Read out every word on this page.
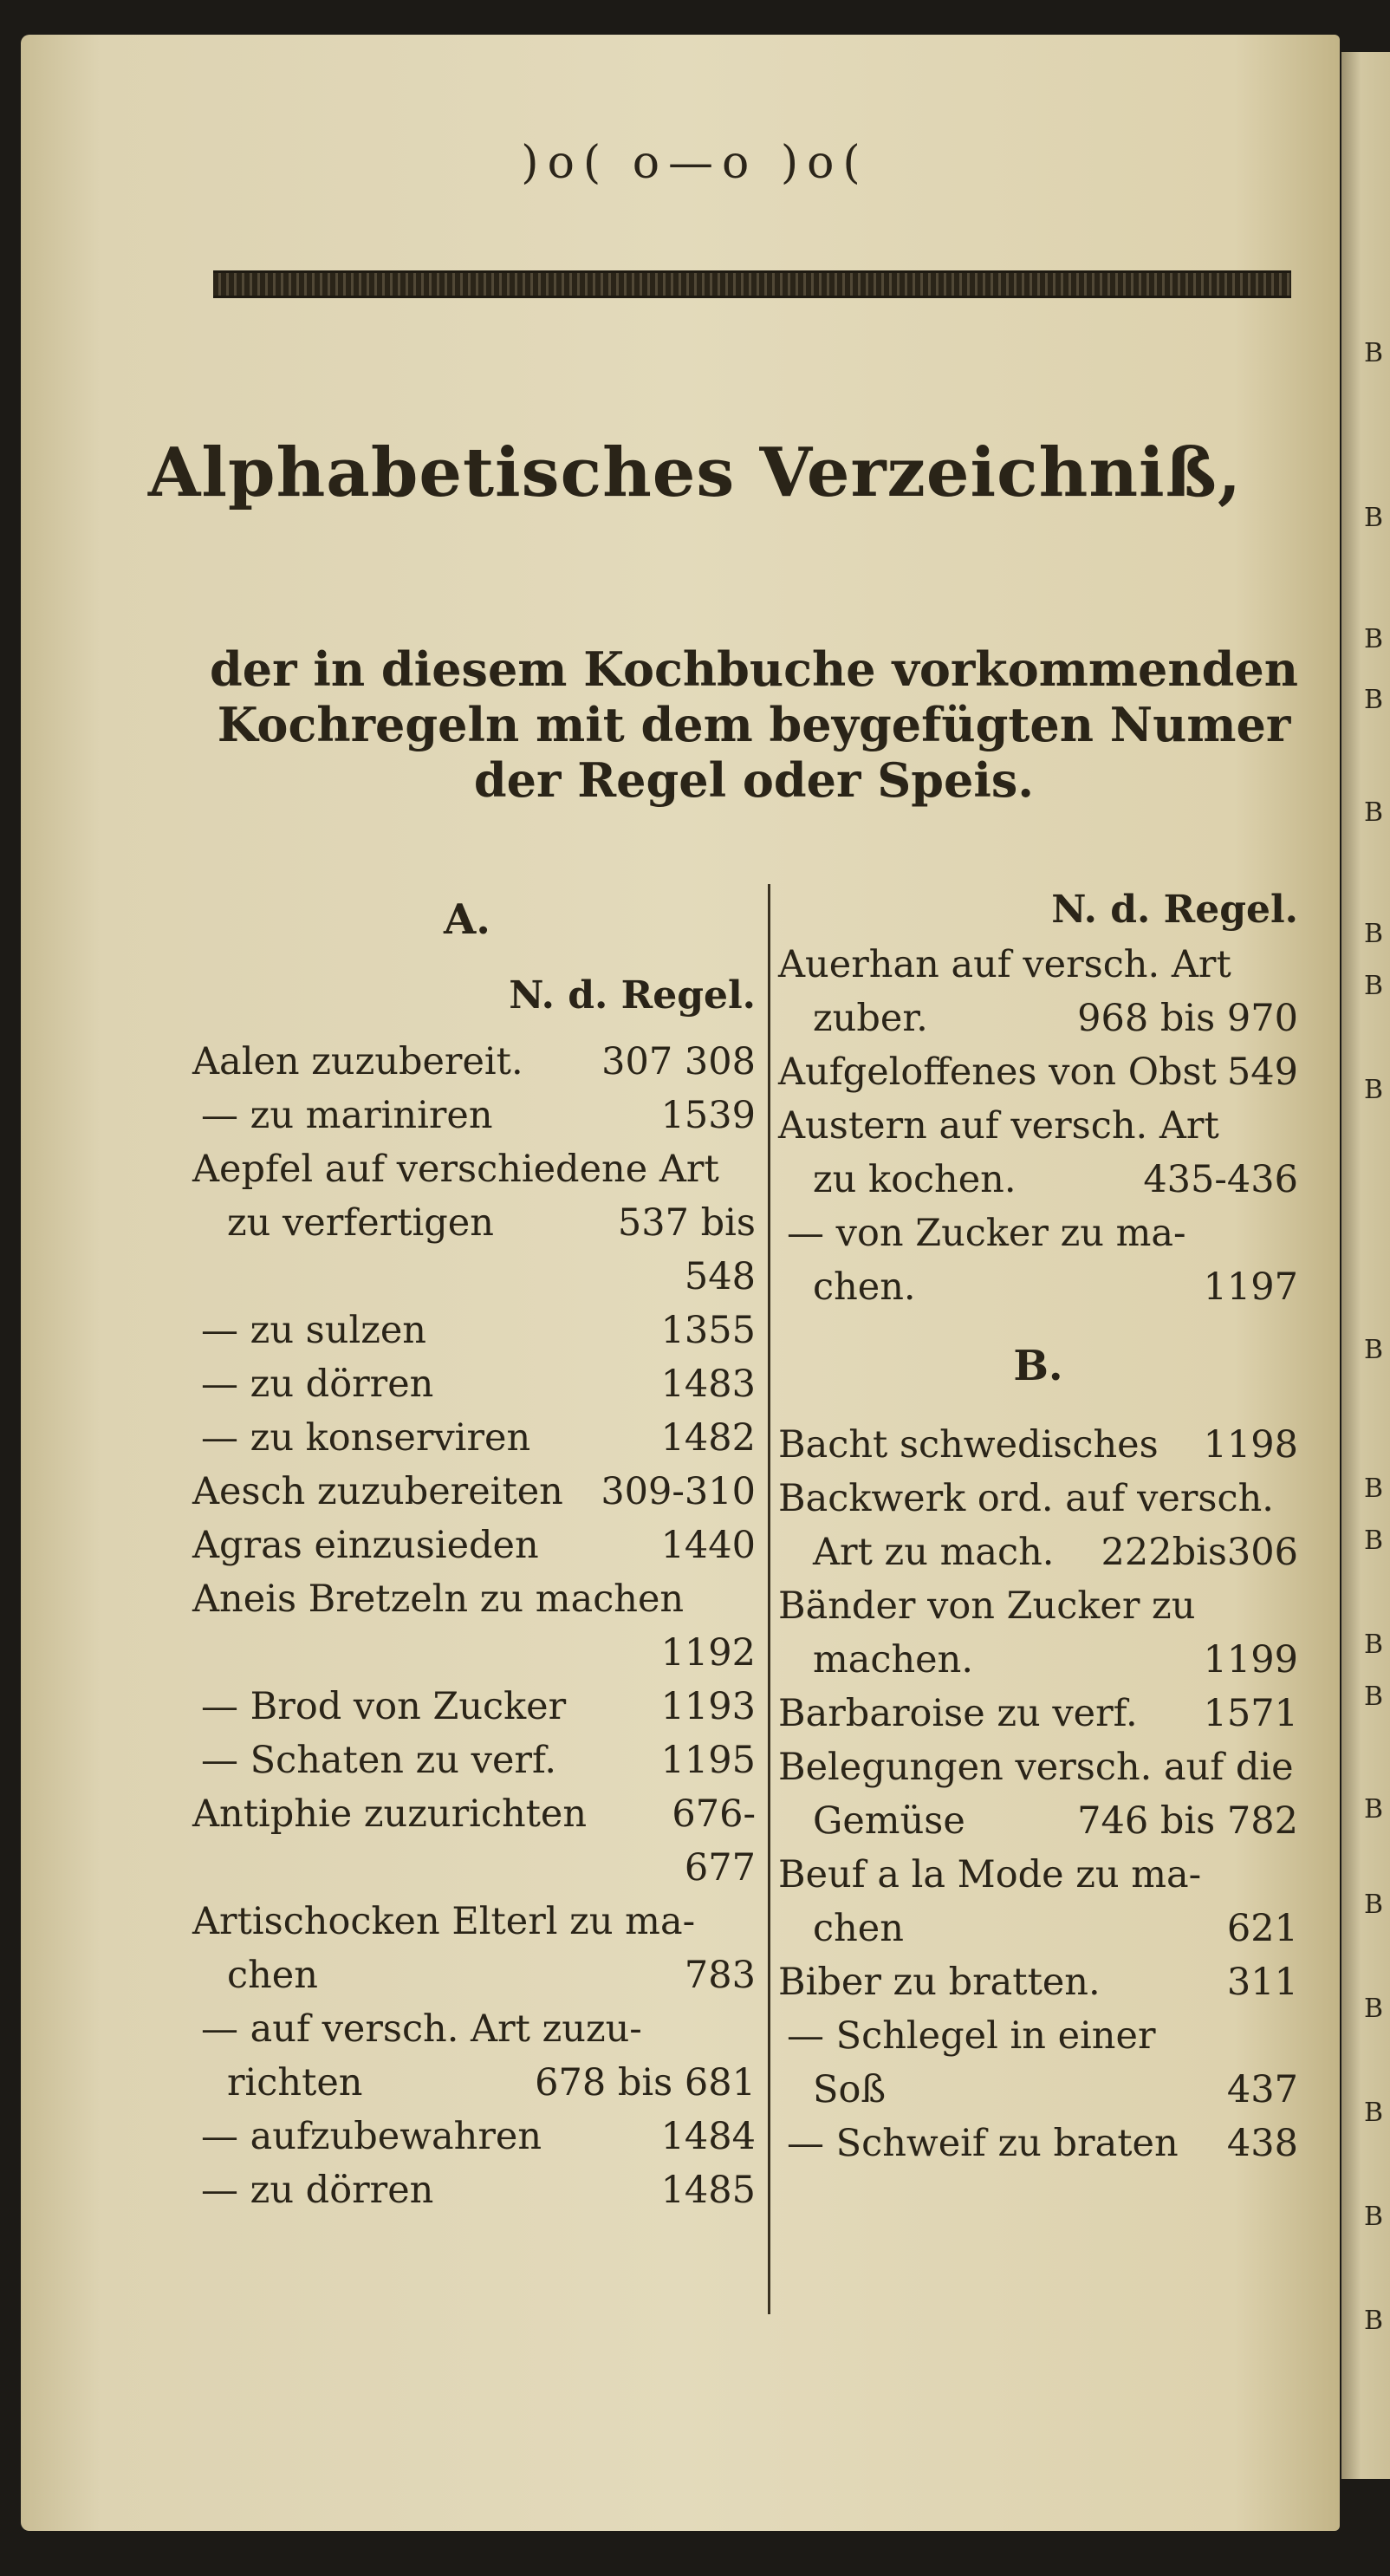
B
B
B
B
B
B
B
B
B
B
B
B
B
B
B
B
B
B
B
)o( o—o )o(
Alphabetisches Verzeichniß,
der in diesem Kochbuche vorkommenden
Kochregeln mit dem beygefügten Numer
der Regel oder Speis.
A.
N. d. Regel.
Aalen zuzubereit. 307 308
— zu mariniren	1539
Aepfel auf verschiedene Art
zu verfertigen	537 bis
548
— zu sulzen	1355
— zu dörren	1483
— zu konserviren	1482
Aesch zuzubereiten 309-310
Agras einzusieden	1440
Aneis Bretzeln zu machen
1192
— Brod von Zucker	1193
— Schaten zu verf.	1195
Antiphie zuzurichten 676-
677
Artischocken Elterl zu ma-
chen	783
— auf versch. Art zuzu-
richten	678 bis 681
— aufzubewahren	1484
— zu dörren	1485
N. d. Regel.
Auerhan auf versch. Art
zuber.	968 bis 970
Aufgeloffenes von Obst 549
Austern auf versch. Art
zu kochen.	435-436
— von Zucker zu ma-
chen.	1197
B.
Bacht schwedisches 1198
Backwerk ord. auf versch.
Art zu mach. 222bis306
Bänder von Zucker zu
machen.	1199
Barbaroise zu verf. 1571
Belegungen versch. auf die
Gemüse	746 bis 782
Beuf a la Mode zu ma-
chen	621
Biber zu bratten.	311
— Schlegel in einer
Soß	437
— Schweif zu braten 438
